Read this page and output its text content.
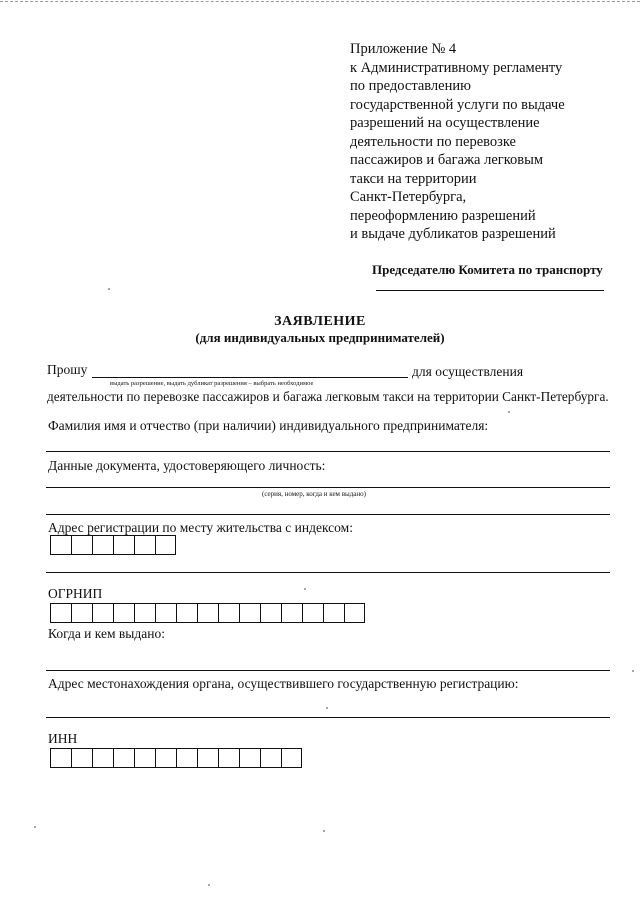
Приложение № 4
к Административному регламенту
по предоставлению
государственной услуги по выдаче
разрешений на осуществление
деятельности по перевозке
пассажиров и багажа легковым
такси на территории
Санкт-Петербурга,
переоформлению разрешений
и выдаче дубликатов разрешений
Председателю Комитета по транспорту
ЗАЯВЛЕНИЕ
(для индивидуальных предпринимателей)
Прошу	для осуществления
выдать разрешение, выдать дубликат разрешения – выбрать необходимое
деятельности по перевозке пассажиров и багажа легковым такси на территории Санкт-Петербурга.
Фамилия имя и отчество (при наличии) индивидуального предпринимателя:
Данные документа, удостоверяющего личность:
(серия, номер, когда и кем выдано)
Адрес регистрации по месту жительства с индексом:
ОГРНИП
Когда и кем выдано:
Адрес местонахождения органа, осуществившего государственную регистрацию:
ИНН
